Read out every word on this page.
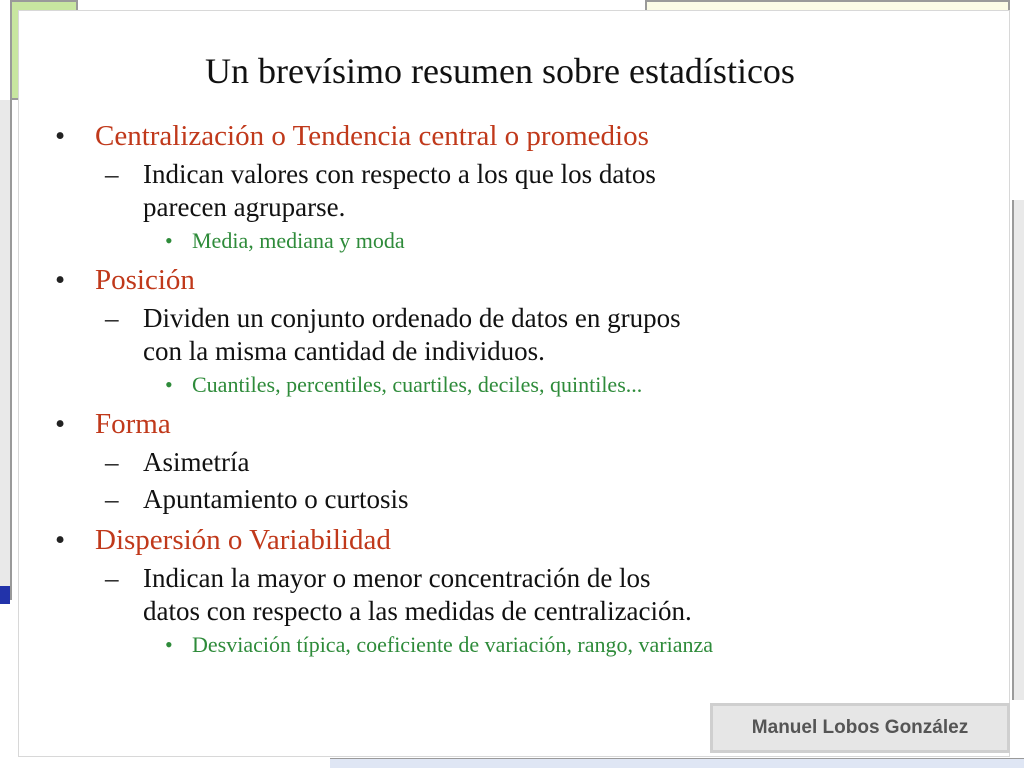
Un brevísimo resumen sobre estadísticos
• Centralización o Tendencia central o promedios
– Indican valores con respecto a los que los datos
parecen agruparse.
• Media, mediana y moda
• Posición
– Dividen un conjunto ordenado de datos en grupos
con la misma cantidad de individuos.
• Cuantiles, percentiles, cuartiles, deciles, quintiles...
• Forma
– Asimetría
– Apuntamiento o curtosis
• Dispersión o Variabilidad
– Indican la mayor o menor concentración de los
datos con respecto a las medidas de centralización.
• Desviación típica, coeficiente de variación, rango, varianza
Manuel Lobos González
